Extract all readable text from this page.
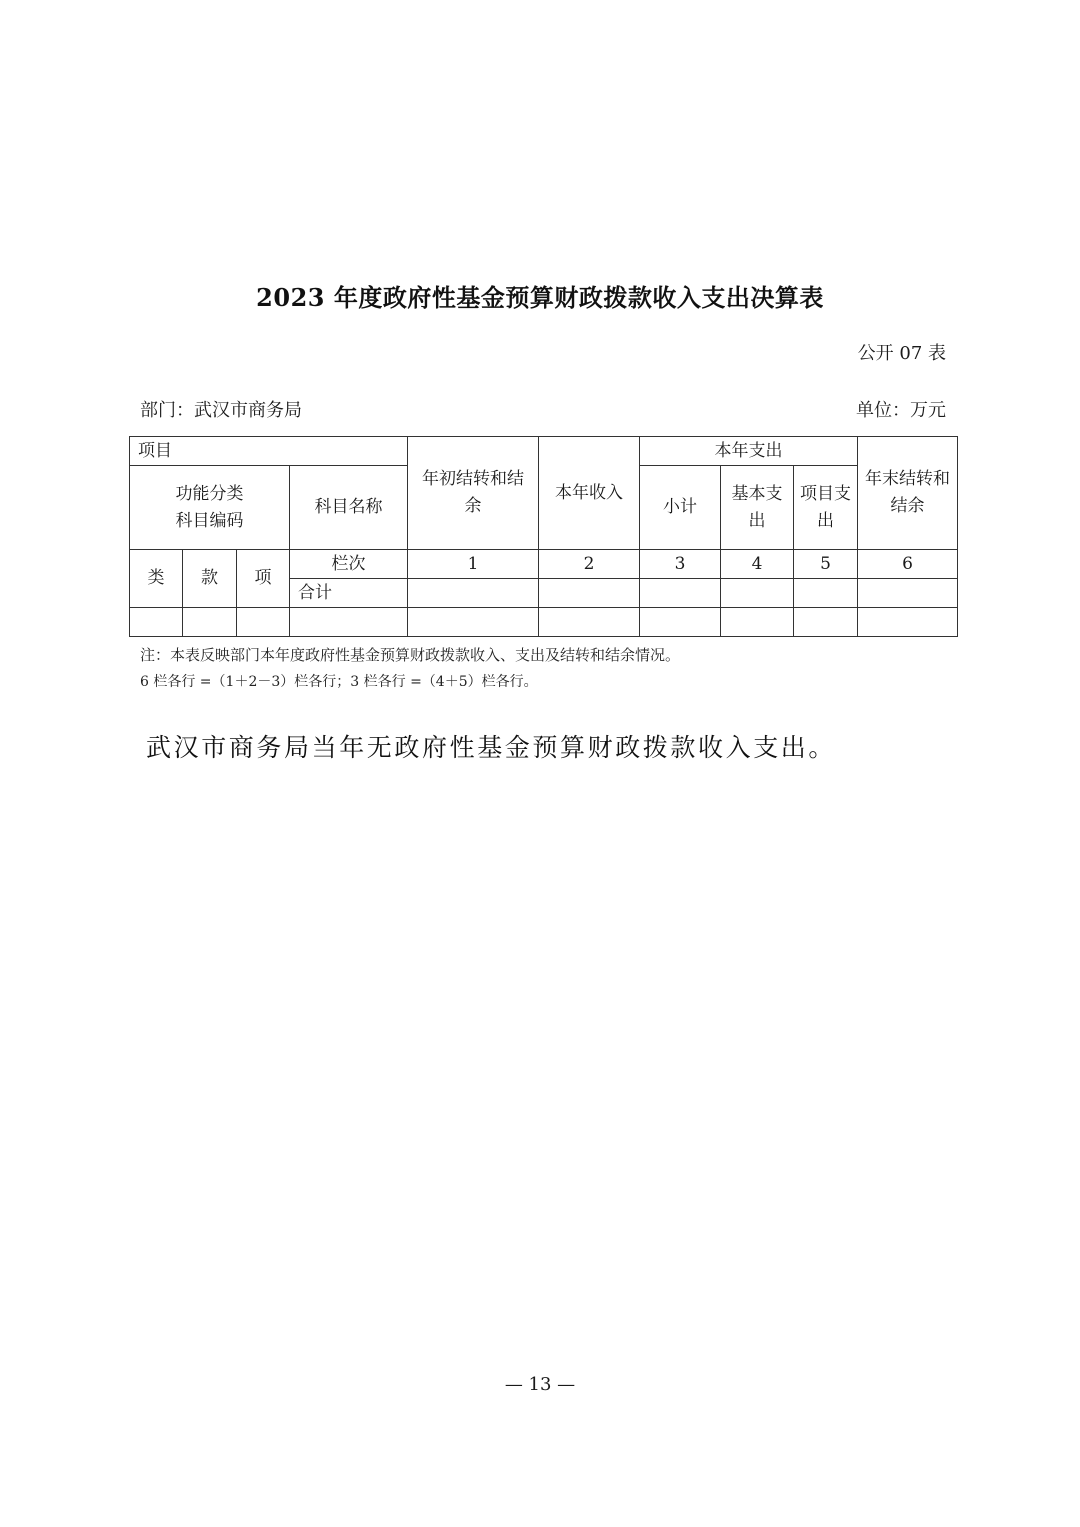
2023 年度政府性基金预算财政拨款收入支出决算表
公开 07 表
部门：武汉市商务局	单位：万元
项目				年初结转和结余	本年收入	本年支出			年末结转和结余

功能分类
科目编码			科目名称			小计	基本支出	项目支出	
类	款	项	栏次	1	2	3	4	5	6
			合计						

注：本表反映部门本年度政府性基金预算财政拨款收入、支出及结转和结余情况。
6 栏各行 =（1＋2－3）栏各行；3 栏各行 =（4＋5）栏各行。
武汉市商务局当年无政府性基金预算财政拨款收入支出。
— 13 —
